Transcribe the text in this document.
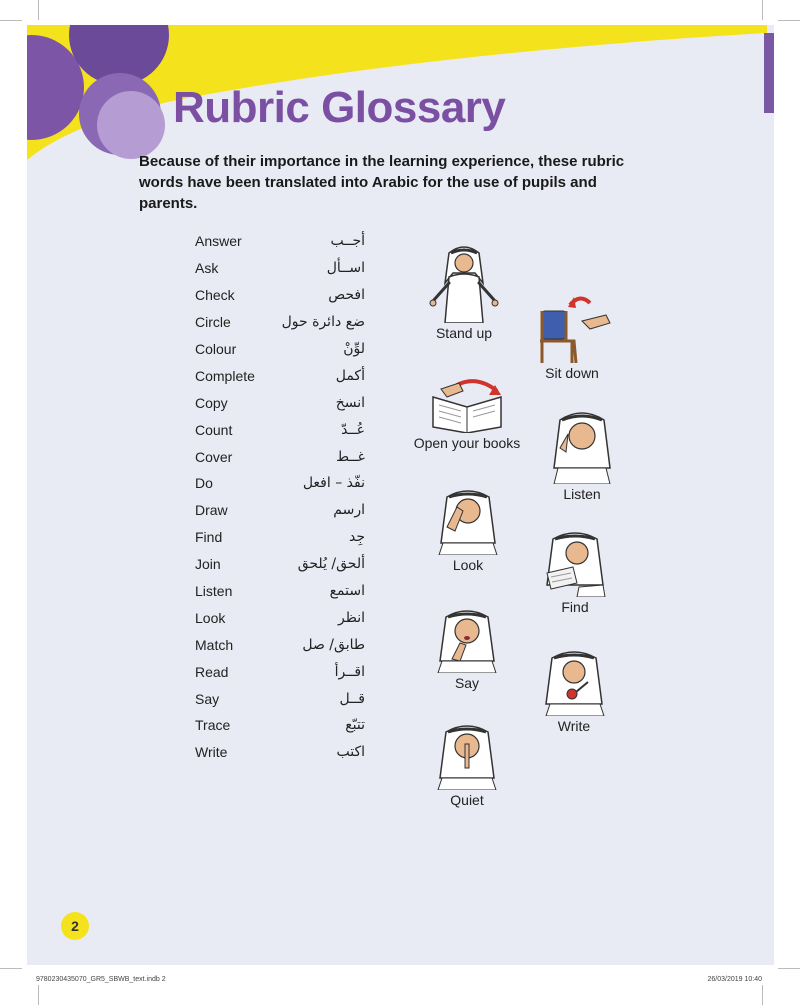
Rubric Glossary

Because of their importance in the learning experience, these rubric words have been translated into Arabic for the use of pupils and parents.

Answer	أجــب
Ask	اســأل
Check	افحص
Circle	ضع دائرة حول
Colour	لوِّنْ
Complete	أكمل
Copy	انسخ
Count	عُــدّ
Cover	غــط
Do	نفّذ – افعل
Draw	ارسم
Find	جِد
Join	ألحق/ يُلحق
Listen	استمع
Look	انظر
Match	طابق/ صل
Read	اقــرأ
Say	قــل
Trace	تتبّع
Write	اكتب
Stand up
Sit down
Open your books
Listen
Look
Find
Say
Write
Quiet
2
9780230435070_GR5_SBWB_text.indb 2	26/03/2019 10:40
